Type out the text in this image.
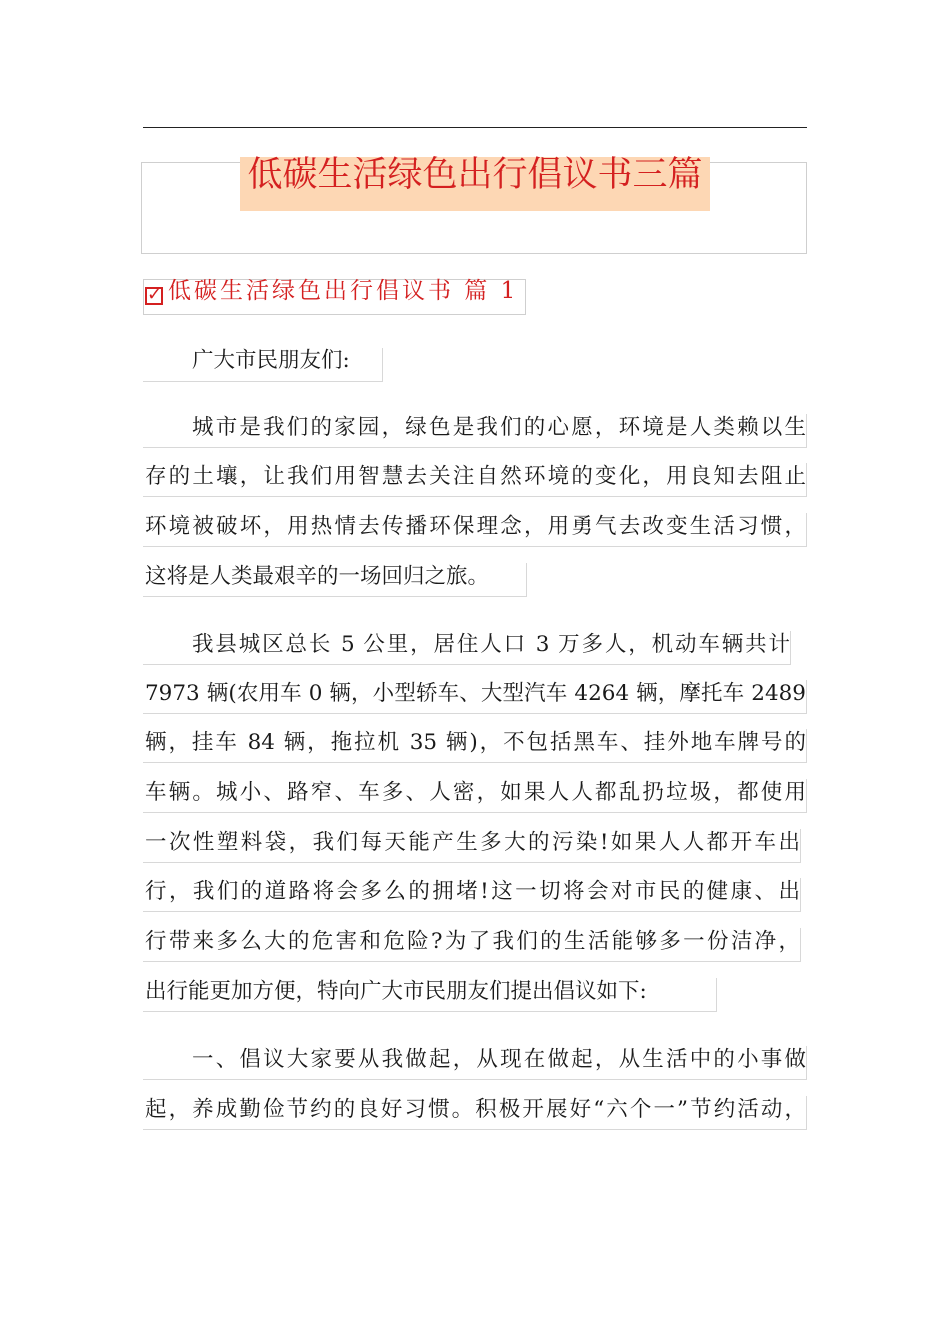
低碳生活绿色出行倡议书三篇
✓ 低碳生活绿色出行倡议书 篇 1
广大市民朋友们:
城市是我们的家园，绿色是我们的心愿，环境是人类赖以生
存的土壤，让我们用智慧去关注自然环境的变化，用良知去阻止
环境被破坏，用热情去传播环保理念，用勇气去改变生活习惯，
这将是人类最艰辛的一场回归之旅。
我县城区总长 5 公里，居住人口 3 万多人，机动车辆共计
7973 辆(农用车 0 辆，小型轿车、大型汽车 4264 辆，摩托车 2489
辆，挂车 84 辆，拖拉机 35 辆)，不包括黑车、挂外地车牌号的
车辆。城小、路窄、车多、人密，如果人人都乱扔垃圾，都使用
一次性塑料袋，我们每天能产生多大的污染!如果人人都开车出
行，我们的道路将会多么的拥堵!这一切将会对市民的健康、出
行带来多么大的危害和危险?为了我们的生活能够多一份洁净，
出行能更加方便，特向广大市民朋友们提出倡议如下:
一、倡议大家要从我做起，从现在做起，从生活中的小事做
起，养成勤俭节约的良好习惯。积极开展好“六个一”节约活动，
